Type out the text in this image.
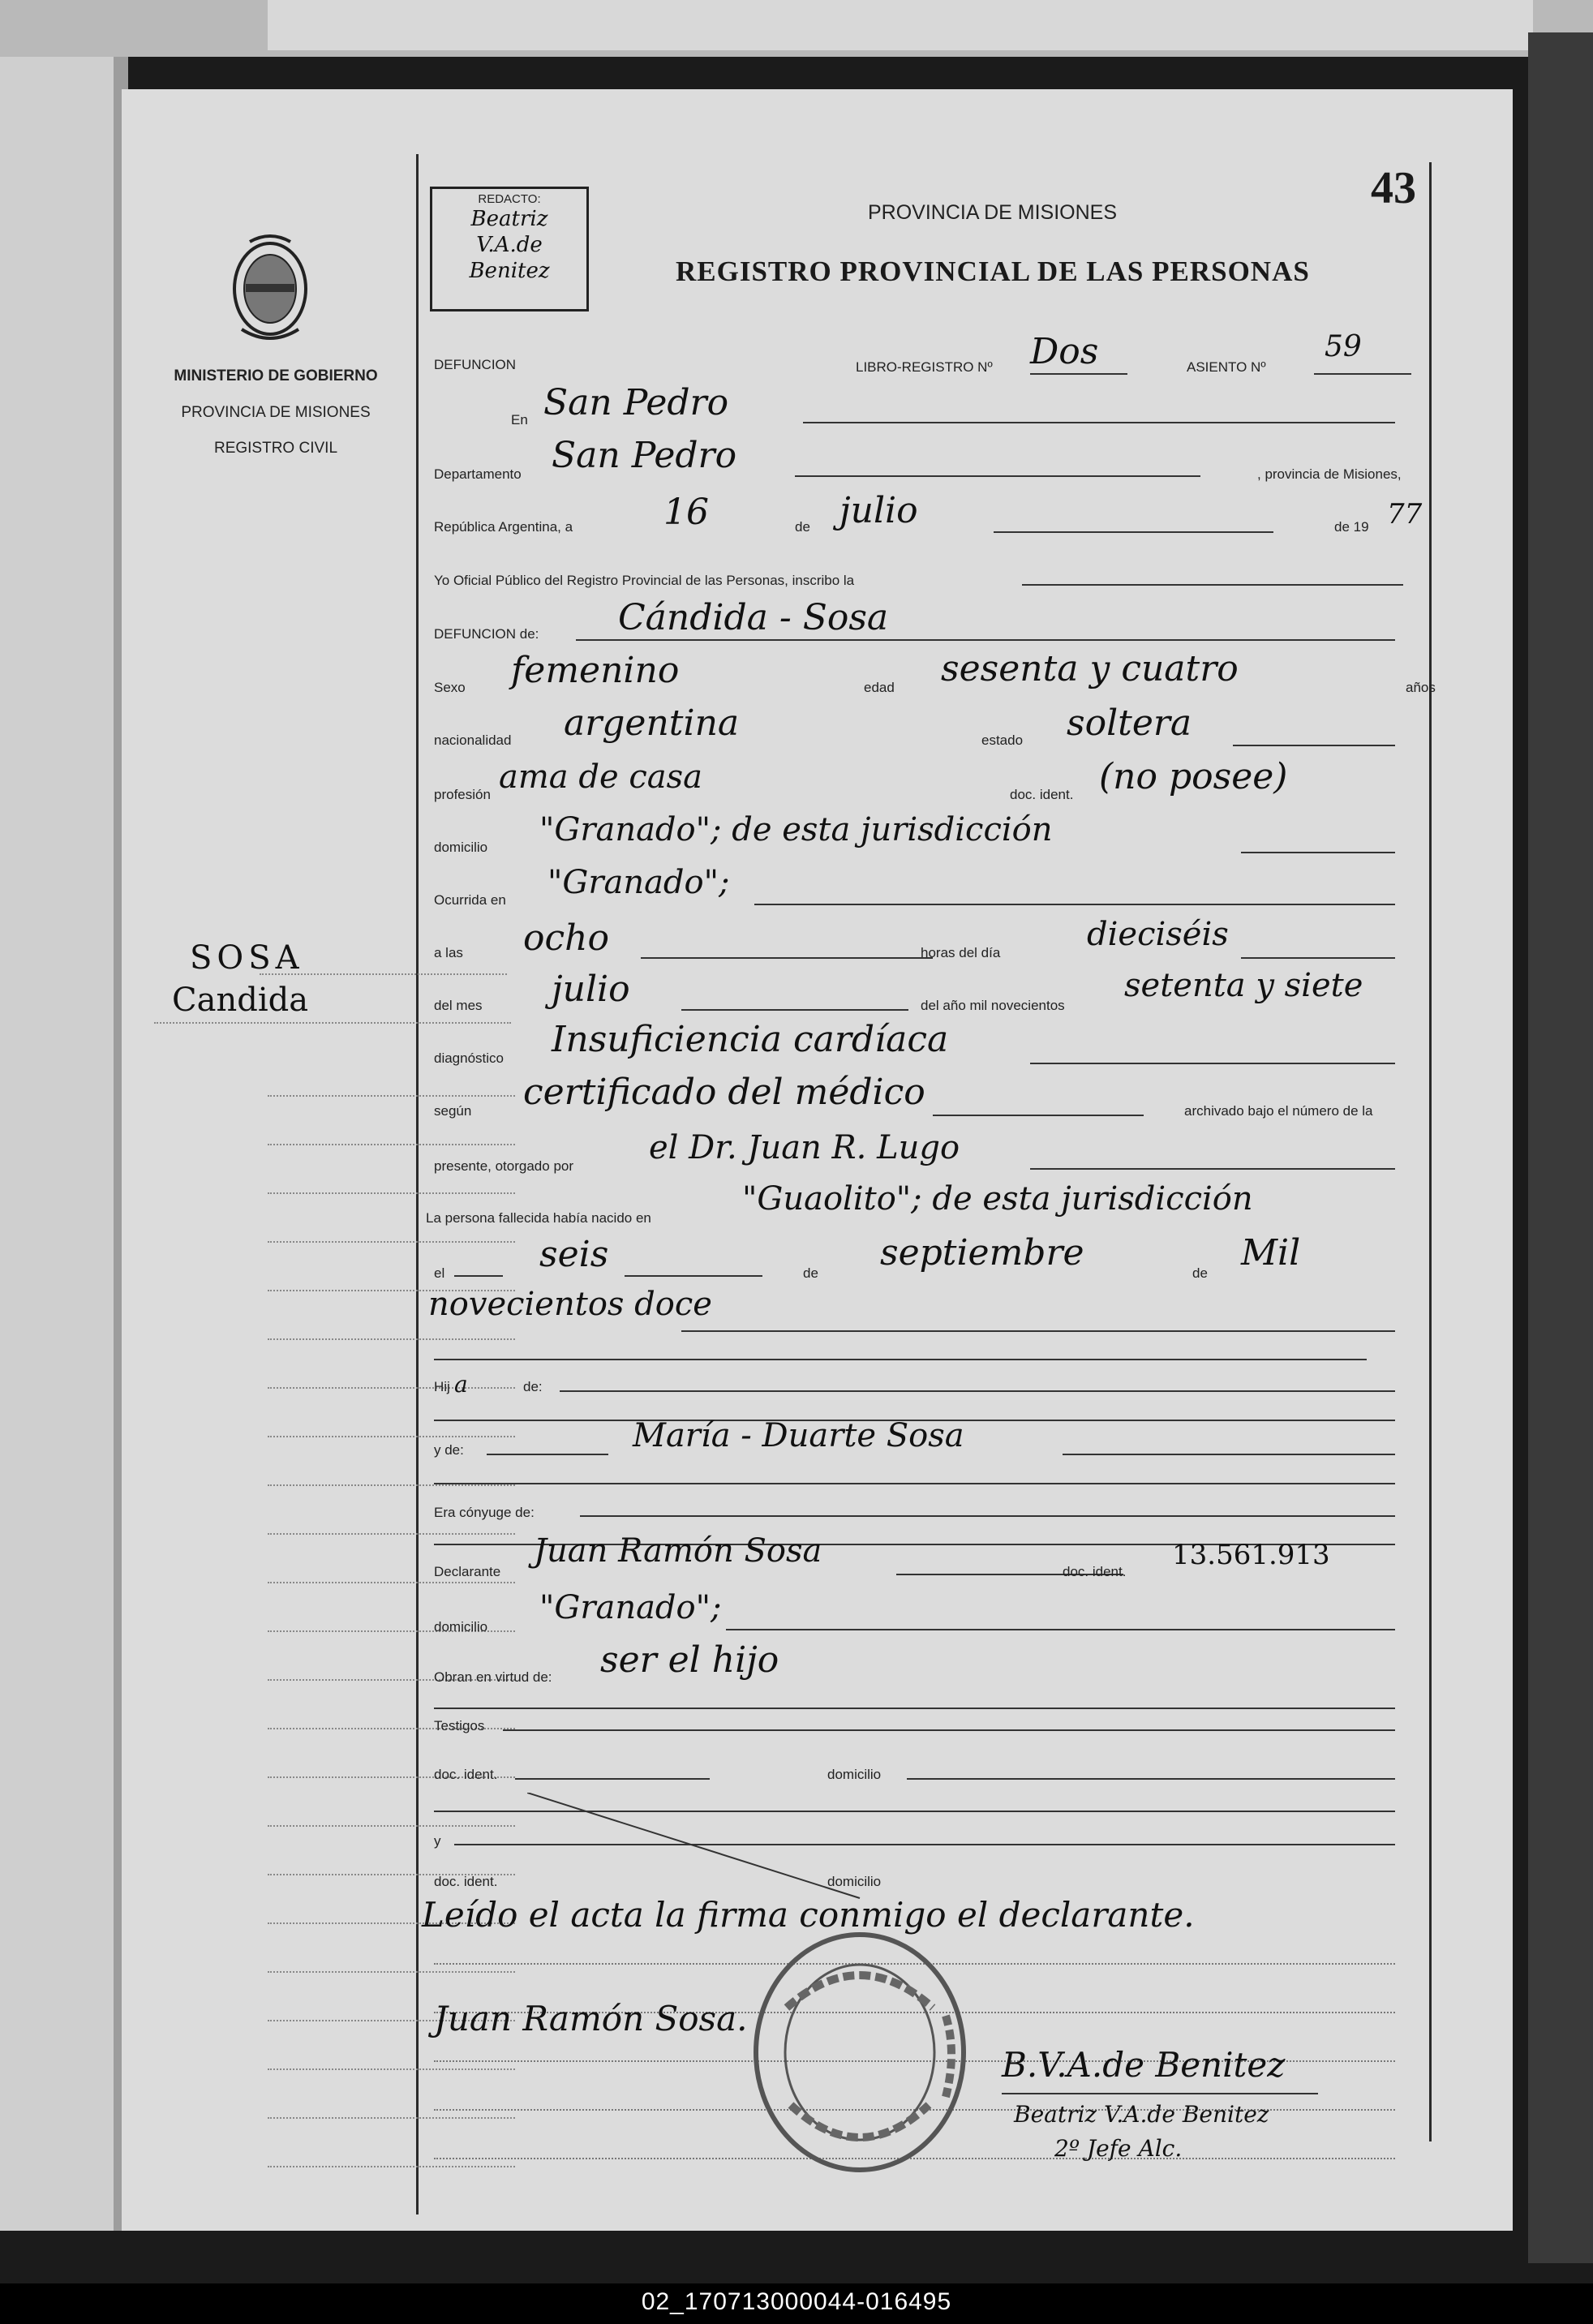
43
REDACTO:
Beatriz
V.A.de
Benitez
MINISTERIO DE GOBIERNO
PROVINCIA DE MISIONES
REGISTRO CIVIL
SOSA
Candida
PROVINCIA DE MISIONES
REGISTRO PROVINCIAL DE LAS PERSONAS
DEFUNCION	LIBRO-REGISTRO Nº Dos	ASIENTO Nº
59
En San Pedro
Departamento San Pedro	, provincia de Misiones,
República Argentina, a	16	de julio	de 19 77
Yo Oficial Público del Registro Provincial de las Personas, inscribo la
DEFUNCION de: Cándida - Sosa
Sexo femenino	edad sesenta y cuatro	años
nacionalidad argentina	estado soltera
profesión ama de casa	doc. ident. (no posee)
domicilio "Granado"; de esta jurisdicción
Ocurrida en "Granado";
a las ocho	horas del día	dieciséis
del mes julio	del año mil novecientos
setenta y siete
diagnóstico Insuficiencia cardíaca
según certificado del médico	archivado bajo el número de la
presente, otorgado por el Dr. Juan R. Lugo
La persona fallecida había nacido en
"Guaolito"; de esta jurisdicción
el	seis	de septiembre	de Mil
novecientos doce
Hij a	de:
y de:	María - Duarte Sosa
Era cónyuge de:
Declarante
Juan Ramón Sosa
doc. ident.
13.561.913
domicilio
"Granado";
Obran en virtud de: ser el hijo
Testigos
doc. ident.	domicilio
y
doc. ident.	domicilio
Leído el acta la firma conmigo el declarante.
Juan Ramón Sosa.
B.V.A.de Benitez
Beatriz V.A.de Benitez
2º Jefe Alc.
02_170713000044-016495
